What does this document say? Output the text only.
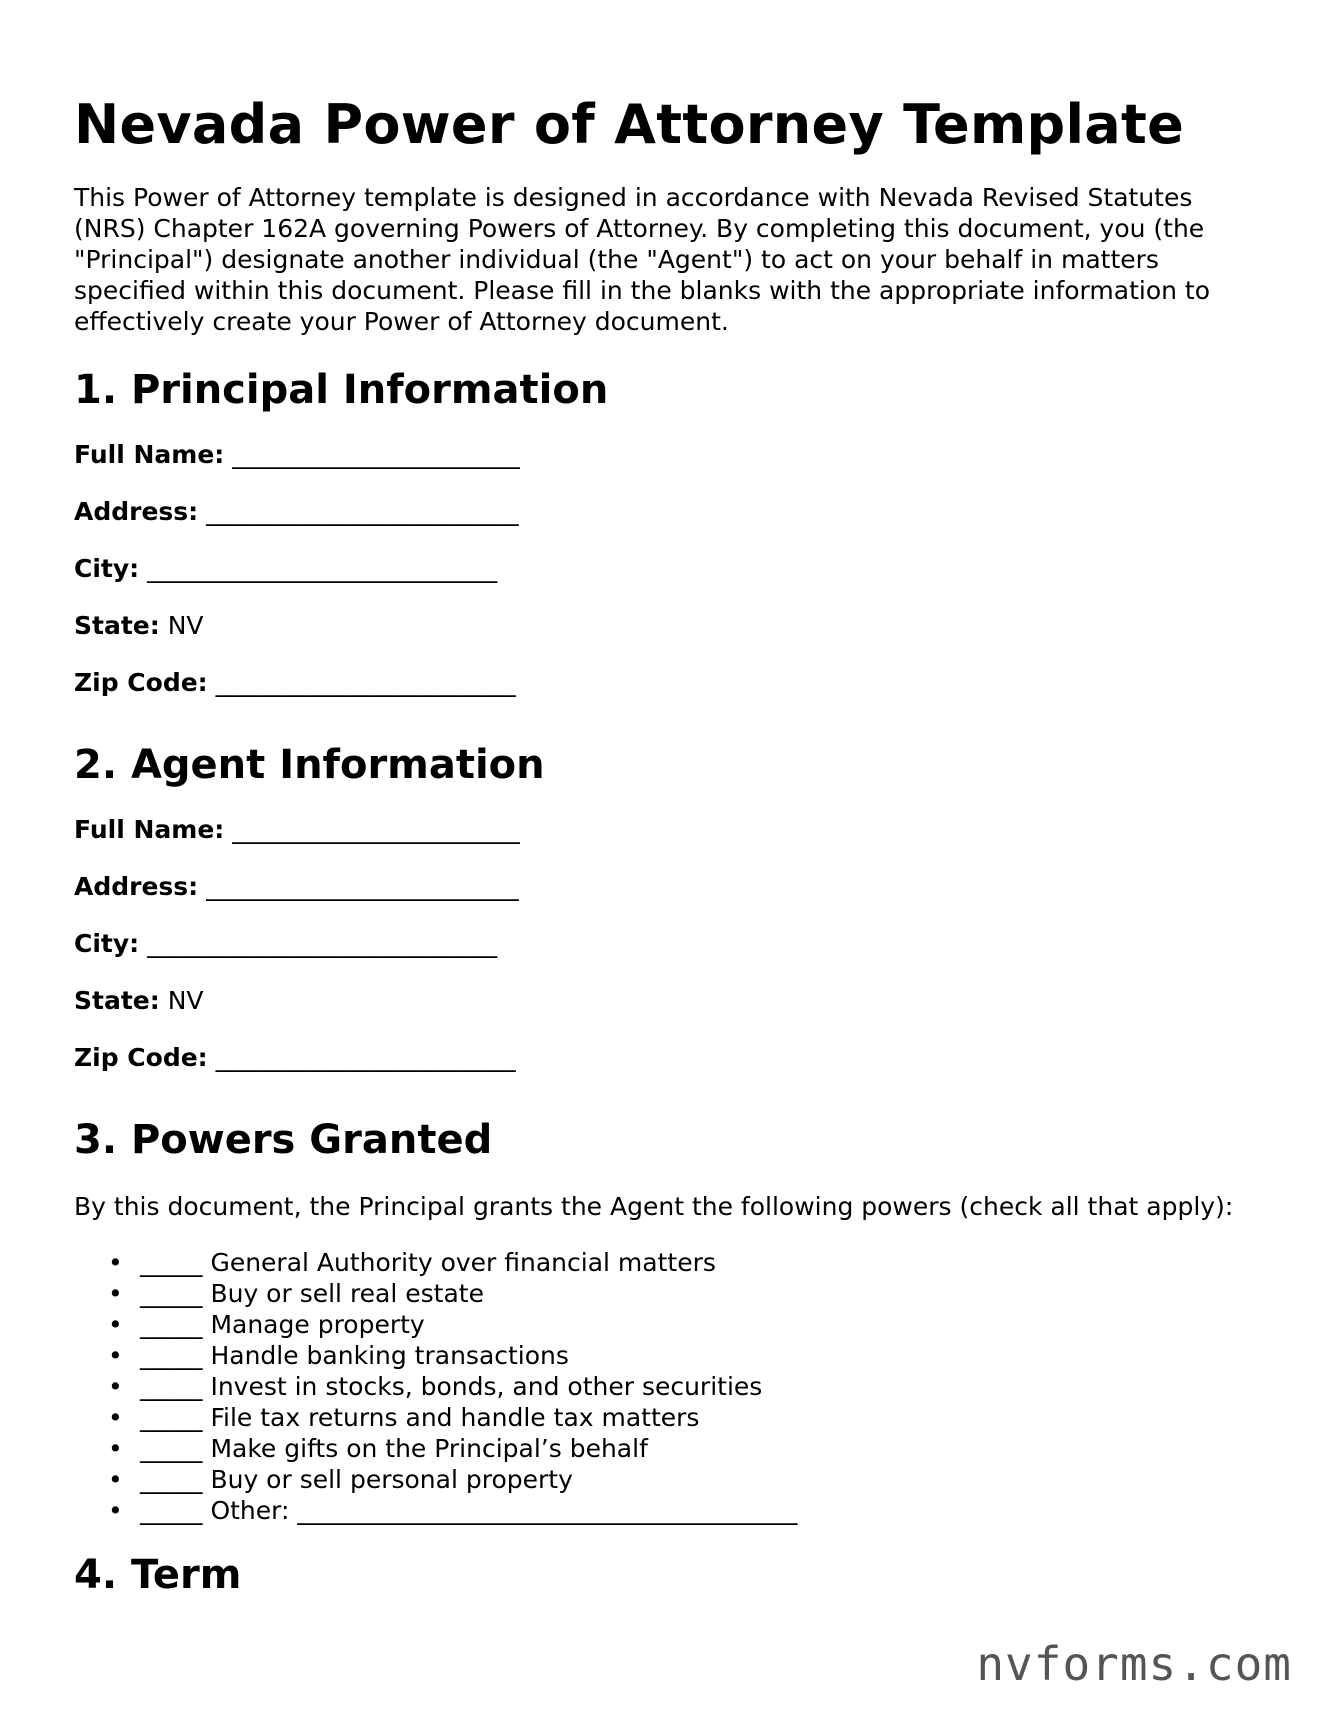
Nevada Power of Attorney Template

This Power of Attorney template is designed in accordance with Nevada Revised Statutes (NRS) Chapter 162A governing Powers of Attorney. By completing this document, you (the "Principal") designate another individual (the "Agent") to act on your behalf in matters specified within this document. Please fill in the blanks with the appropriate information to effectively create your Power of Attorney document.

1. Principal Information
Full Name: _______________________
Address: _________________________
City: ____________________________
State: NV
Zip Code: ________________________
2. Agent Information
Full Name: _______________________
Address: _________________________
City: ____________________________
State: NV
Zip Code: ________________________
3. Powers Granted

By this document, the Principal grants the Agent the following powers (check all that apply):

• _____ General Authority over financial matters
• _____ Buy or sell real estate
• _____ Manage property
• _____ Handle banking transactions
• _____ Invest in stocks, bonds, and other securities
• _____ File tax returns and handle tax matters
• _____ Make gifts on the Principal’s behalf
• _____ Buy or sell personal property
• _____ Other: ________________________________________
4. Term
nvforms.com
